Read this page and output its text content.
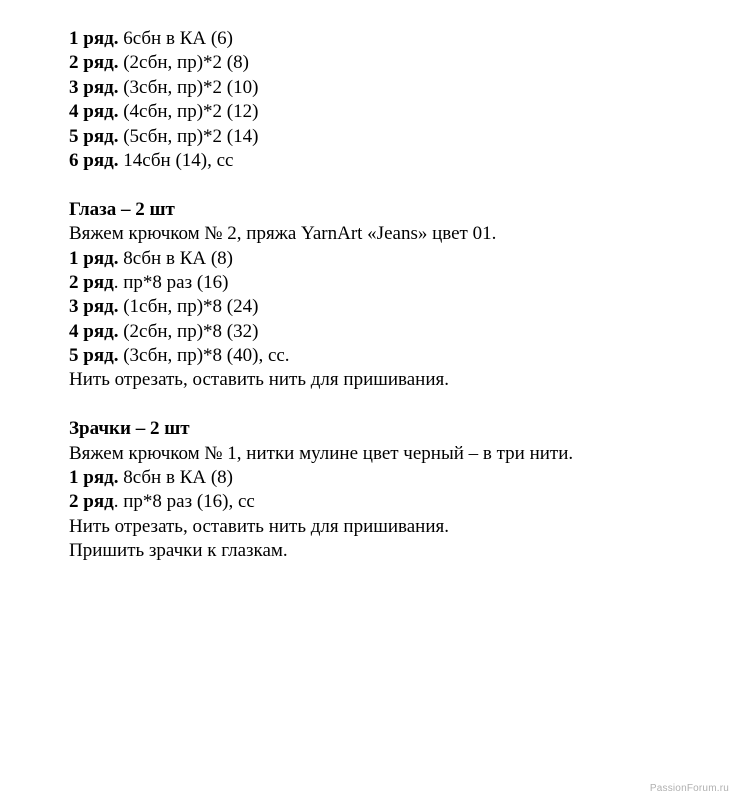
1 ряд. 6сбн в КА (6)
2 ряд. (2сбн, пр)*2 (8)
3 ряд. (3сбн, пр)*2 (10)
4 ряд. (4сбн, пр)*2 (12)
5 ряд. (5сбн, пр)*2 (14)
6 ряд. 14сбн (14), сс
Глаза – 2 шт
Вяжем крючком № 2, пряжа YarnArt «Jeans» цвет 01.
1 ряд. 8сбн в КА (8)
2 ряд. пр*8 раз (16)
3 ряд. (1сбн, пр)*8 (24)
4 ряд. (2сбн, пр)*8 (32)
5 ряд. (3сбн, пр)*8 (40), сс.
Нить отрезать, оставить нить для пришивания.
Зрачки – 2 шт
Вяжем крючком № 1, нитки мулине цвет черный – в три нити.
1 ряд. 8сбн в КА (8)
2 ряд. пр*8 раз (16), сс
Нить отрезать, оставить нить для пришивания.
Пришить зрачки к глазкам.
PassionForum.ru
